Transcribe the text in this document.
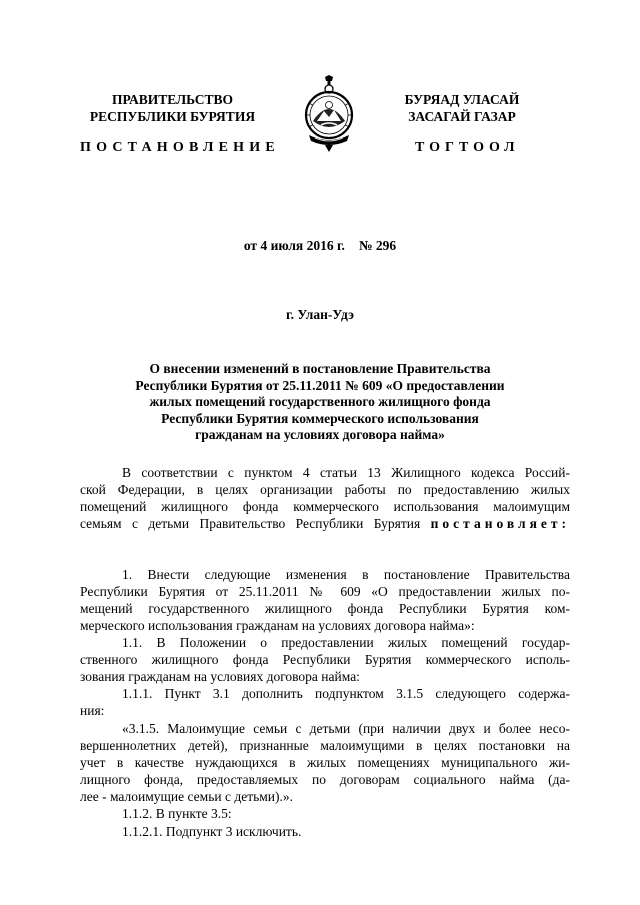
ПРАВИТЕЛЬСТВО
РЕСПУБЛИКИ БУРЯТИЯ
ПОСТАНОВЛЕНИЕ
БУРЯАД УЛАСАЙ
ЗАСАГАЙ ГАЗАР
ТОГТООЛ
от 4 июля 2016 г. № 296
г. Улан-Удэ
О внесении изменений в постановление Правительства
Республики Бурятия от 25.11.2011 № 609 «О предоставлении
жилых помещений государственного жилищного фонда
Республики Бурятия коммерческого использования
гражданам на условиях договора найма»
В соответствии с пунктом 4 статьи 13 Жилищного кодекса Россий-
ской Федерации, в целях организации работы по предоставлению жилых
помещений жилищного фонда коммерческого использования малоимущим
семьям с детьми Правительство Республики Бурятия постановляет:
1. Внести следующие изменения в постановление Правительства
Республики Бурятия от 25.11.2011 № 609 «О предоставлении жилых по-
мещений государственного жилищного фонда Республики Бурятия ком-
мерческого использования гражданам на условиях договора найма»:
1.1. В Положении о предоставлении жилых помещений государ-
ственного жилищного фонда Республики Бурятия коммерческого исполь-
зования гражданам на условиях договора найма:
1.1.1. Пункт 3.1 дополнить подпунктом 3.1.5 следующего содержа-
ния:
«3.1.5. Малоимущие семьи с детьми (при наличии двух и более несо-
вершеннолетних детей), признанные малоимущими в целях постановки на
учет в качестве нуждающихся в жилых помещениях муниципального жи-
лищного фонда, предоставляемых по договорам социального найма (да-
лее - малоимущие семьи с детьми).».
1.1.2. В пункте 3.5:
1.1.2.1. Подпункт 3 исключить.
